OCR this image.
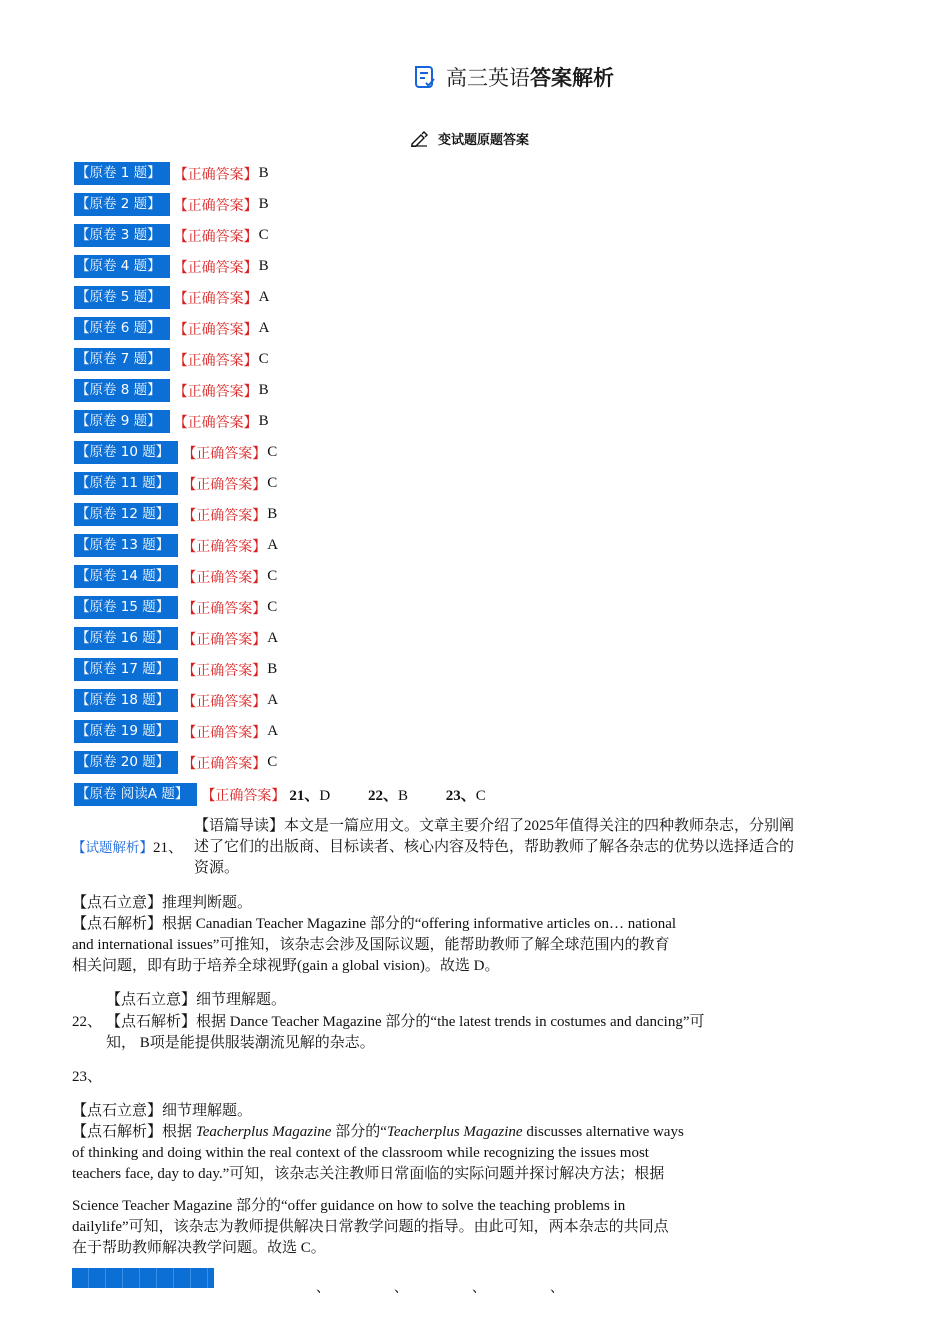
高三英语答案解析
变试题原题答案
【原卷 1 题】 【正确答案】 B
【原卷 2 题】 【正确答案】 B
【原卷 3 题】 【正确答案】 C
【原卷 4 题】 【正确答案】 B
【原卷 5 题】 【正确答案】 A
【原卷 6 题】 【正确答案】 A
【原卷 7 题】 【正确答案】 C
【原卷 8 题】 【正确答案】 B
【原卷 9 题】 【正确答案】 B
【原卷 10 题】 【正确答案】 C
【原卷 11 题】 【正确答案】 C
【原卷 12 题】 【正确答案】 B
【原卷 13 题】 【正确答案】 A
【原卷 14 题】 【正确答案】 C
【原卷 15 题】 【正确答案】 C
【原卷 16 题】 【正确答案】 A
【原卷 17 题】 【正确答案】 B
【原卷 18 题】 【正确答案】 A
【原卷 19 题】 【正确答案】 A
【原卷 20 题】 【正确答案】 C
【原卷 阅读A 题】 【正确答案】 21、D	22、B	23、C
【语篇导读】本文是一篇应用文。文章主要介绍了2025年值得关注的四种教师杂志，分别阐
述了它们的出版商、目标读者、核心内容及特色，帮助教师了解各杂志的优势以选择适合的
资源。
【试题解析】21、
【点石立意】推理判断题。
【点石解析】根据 Canadian Teacher Magazine 部分的“offering informative articles on… national
and international issues”可推知，该杂志会涉及国际议题，能帮助教师了解全球范围内的教育
相关问题，即有助于培养全球视野(gain a global vision)。故选 D。
【点石立意】细节理解题。
22、 【点石解析】根据 Dance Teacher Magazine 部分的“the latest trends in costumes and dancing”可
知， B项是能提供服装潮流见解的杂志。
23、
【点石立意】细节理解题。
【点石解析】根据 Teacherplus Magazine 部分的“Teacherplus Magazine discusses alternative ways
of thinking and doing within the real context of the classroom while recognizing the issues most
teachers face, day to day.”可知，该杂志关注教师日常面临的实际问题并探讨解决方法；根据
Science Teacher Magazine 部分的“offer guidance on how to solve the teaching problems in
dailylife”可知，该杂志为教师提供解决日常教学问题的指导。由此可知，两本杂志的共同点
在于帮助教师解决教学问题。故选 C。
、	、	、	、
